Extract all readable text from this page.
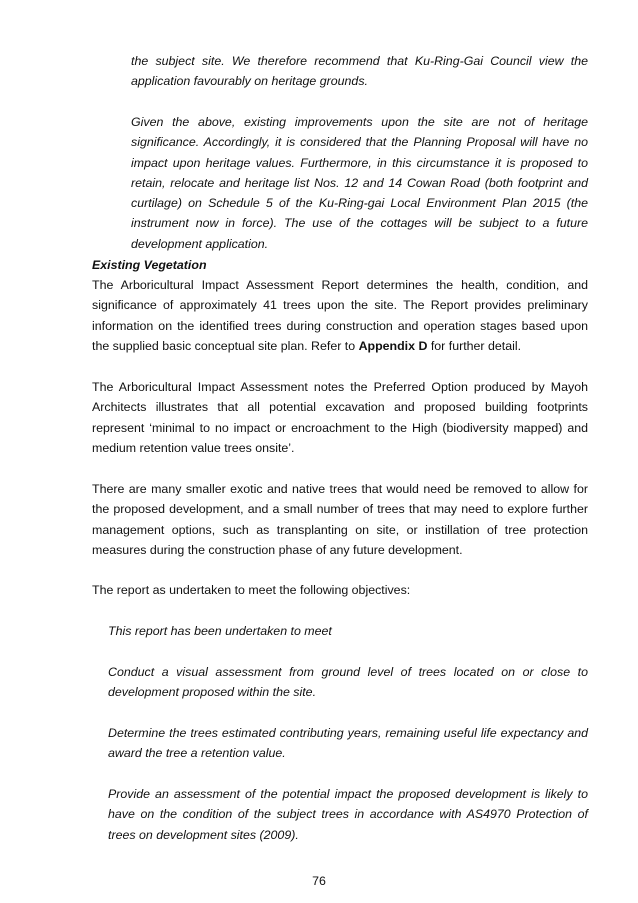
the subject site. We therefore recommend that Ku-Ring-Gai Council view the application favourably on heritage grounds.

Given the above, existing improvements upon the site are not of heritage significance. Accordingly, it is considered that the Planning Proposal will have no impact upon heritage values. Furthermore, in this circumstance it is proposed to retain, relocate and heritage list Nos. 12 and 14 Cowan Road (both footprint and curtilage) on Schedule 5 of the Ku-Ring-gai Local Environment Plan 2015 (the instrument now in force). The use of the cottages will be subject to a future development application.

Existing Vegetation

The Arboricultural Impact Assessment Report determines the health, condition, and significance of approximately 41 trees upon the site. The Report provides preliminary information on the identified trees during construction and operation stages based upon the supplied basic conceptual site plan. Refer to Appendix D for further detail.

The Arboricultural Impact Assessment notes the Preferred Option produced by Mayoh Architects illustrates that all potential excavation and proposed building footprints represent ‘minimal to no impact or encroachment to the High (biodiversity mapped) and medium retention value trees onsite’.

There are many smaller exotic and native trees that would need be removed to allow for the proposed development, and a small number of trees that may need to explore further management options, such as transplanting on site, or instillation of tree protection measures during the construction phase of any future development.

The report as undertaken to meet the following objectives:

This report has been undertaken to meet

Conduct a visual assessment from ground level of trees located on or close to development proposed within the site.

Determine the trees estimated contributing years, remaining useful life expectancy and award the tree a retention value.

Provide an assessment of the potential impact the proposed development is likely to have on the condition of the subject trees in accordance with AS4970 Protection of trees on development sites (2009).

76
